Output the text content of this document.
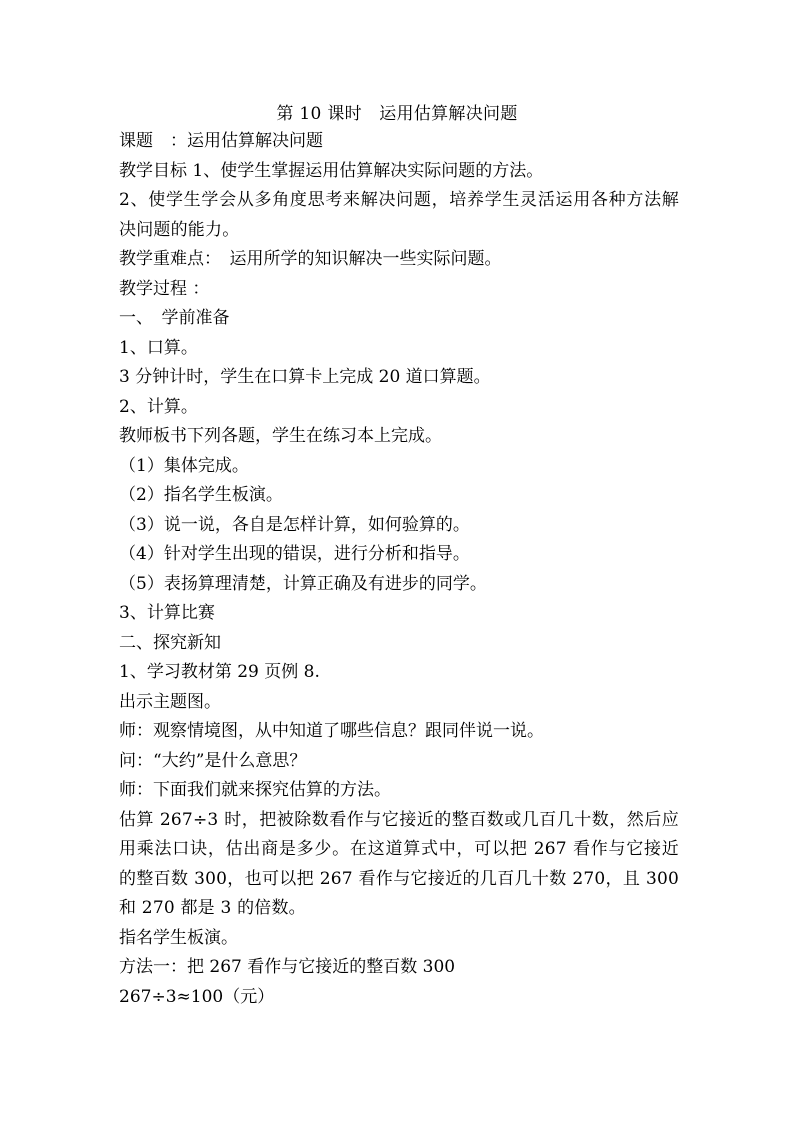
第 10 课时　运用估算解决问题
课题　：运用估算解决问题
教学目标 1、使学生掌握运用估算解决实际问题的方法。
2、使学生学会从多角度思考来解决问题，培养学生灵活运用各种方法解决问题的能力。
教学重难点：　运用所学的知识解决一些实际问题。
教学过程 ：
一、　学前准备
1、口算。
3 分钟计时，学生在口算卡上完成 20 道口算题。
2、计算。
教师板书下列各题，学生在练习本上完成。
（1）集体完成。
（2）指名学生板演。
（3）说一说，各自是怎样计算，如何验算的。
（4）针对学生出现的错误，进行分析和指导。
（5）表扬算理清楚，计算正确及有进步的同学。
3、计算比赛
二、探究新知
1、学习教材第 29 页例 8.
出示主题图。
师：观察情境图，从中知道了哪些信息？跟同伴说一说。
问：“大约”是什么意思？
师：下面我们就来探究估算的方法。
估算 267÷3 时，把被除数看作与它接近的整百数或几百几十数，然后应用乘法口诀，估出商是多少。在这道算式中，可以把 267 看作与它接近的整百数 300，也可以把 267 看作与它接近的几百几十数 270，且 300 和 270 都是 3 的倍数。
指名学生板演。
方法一：把 267 看作与它接近的整百数 300
267÷3≈100（元）
